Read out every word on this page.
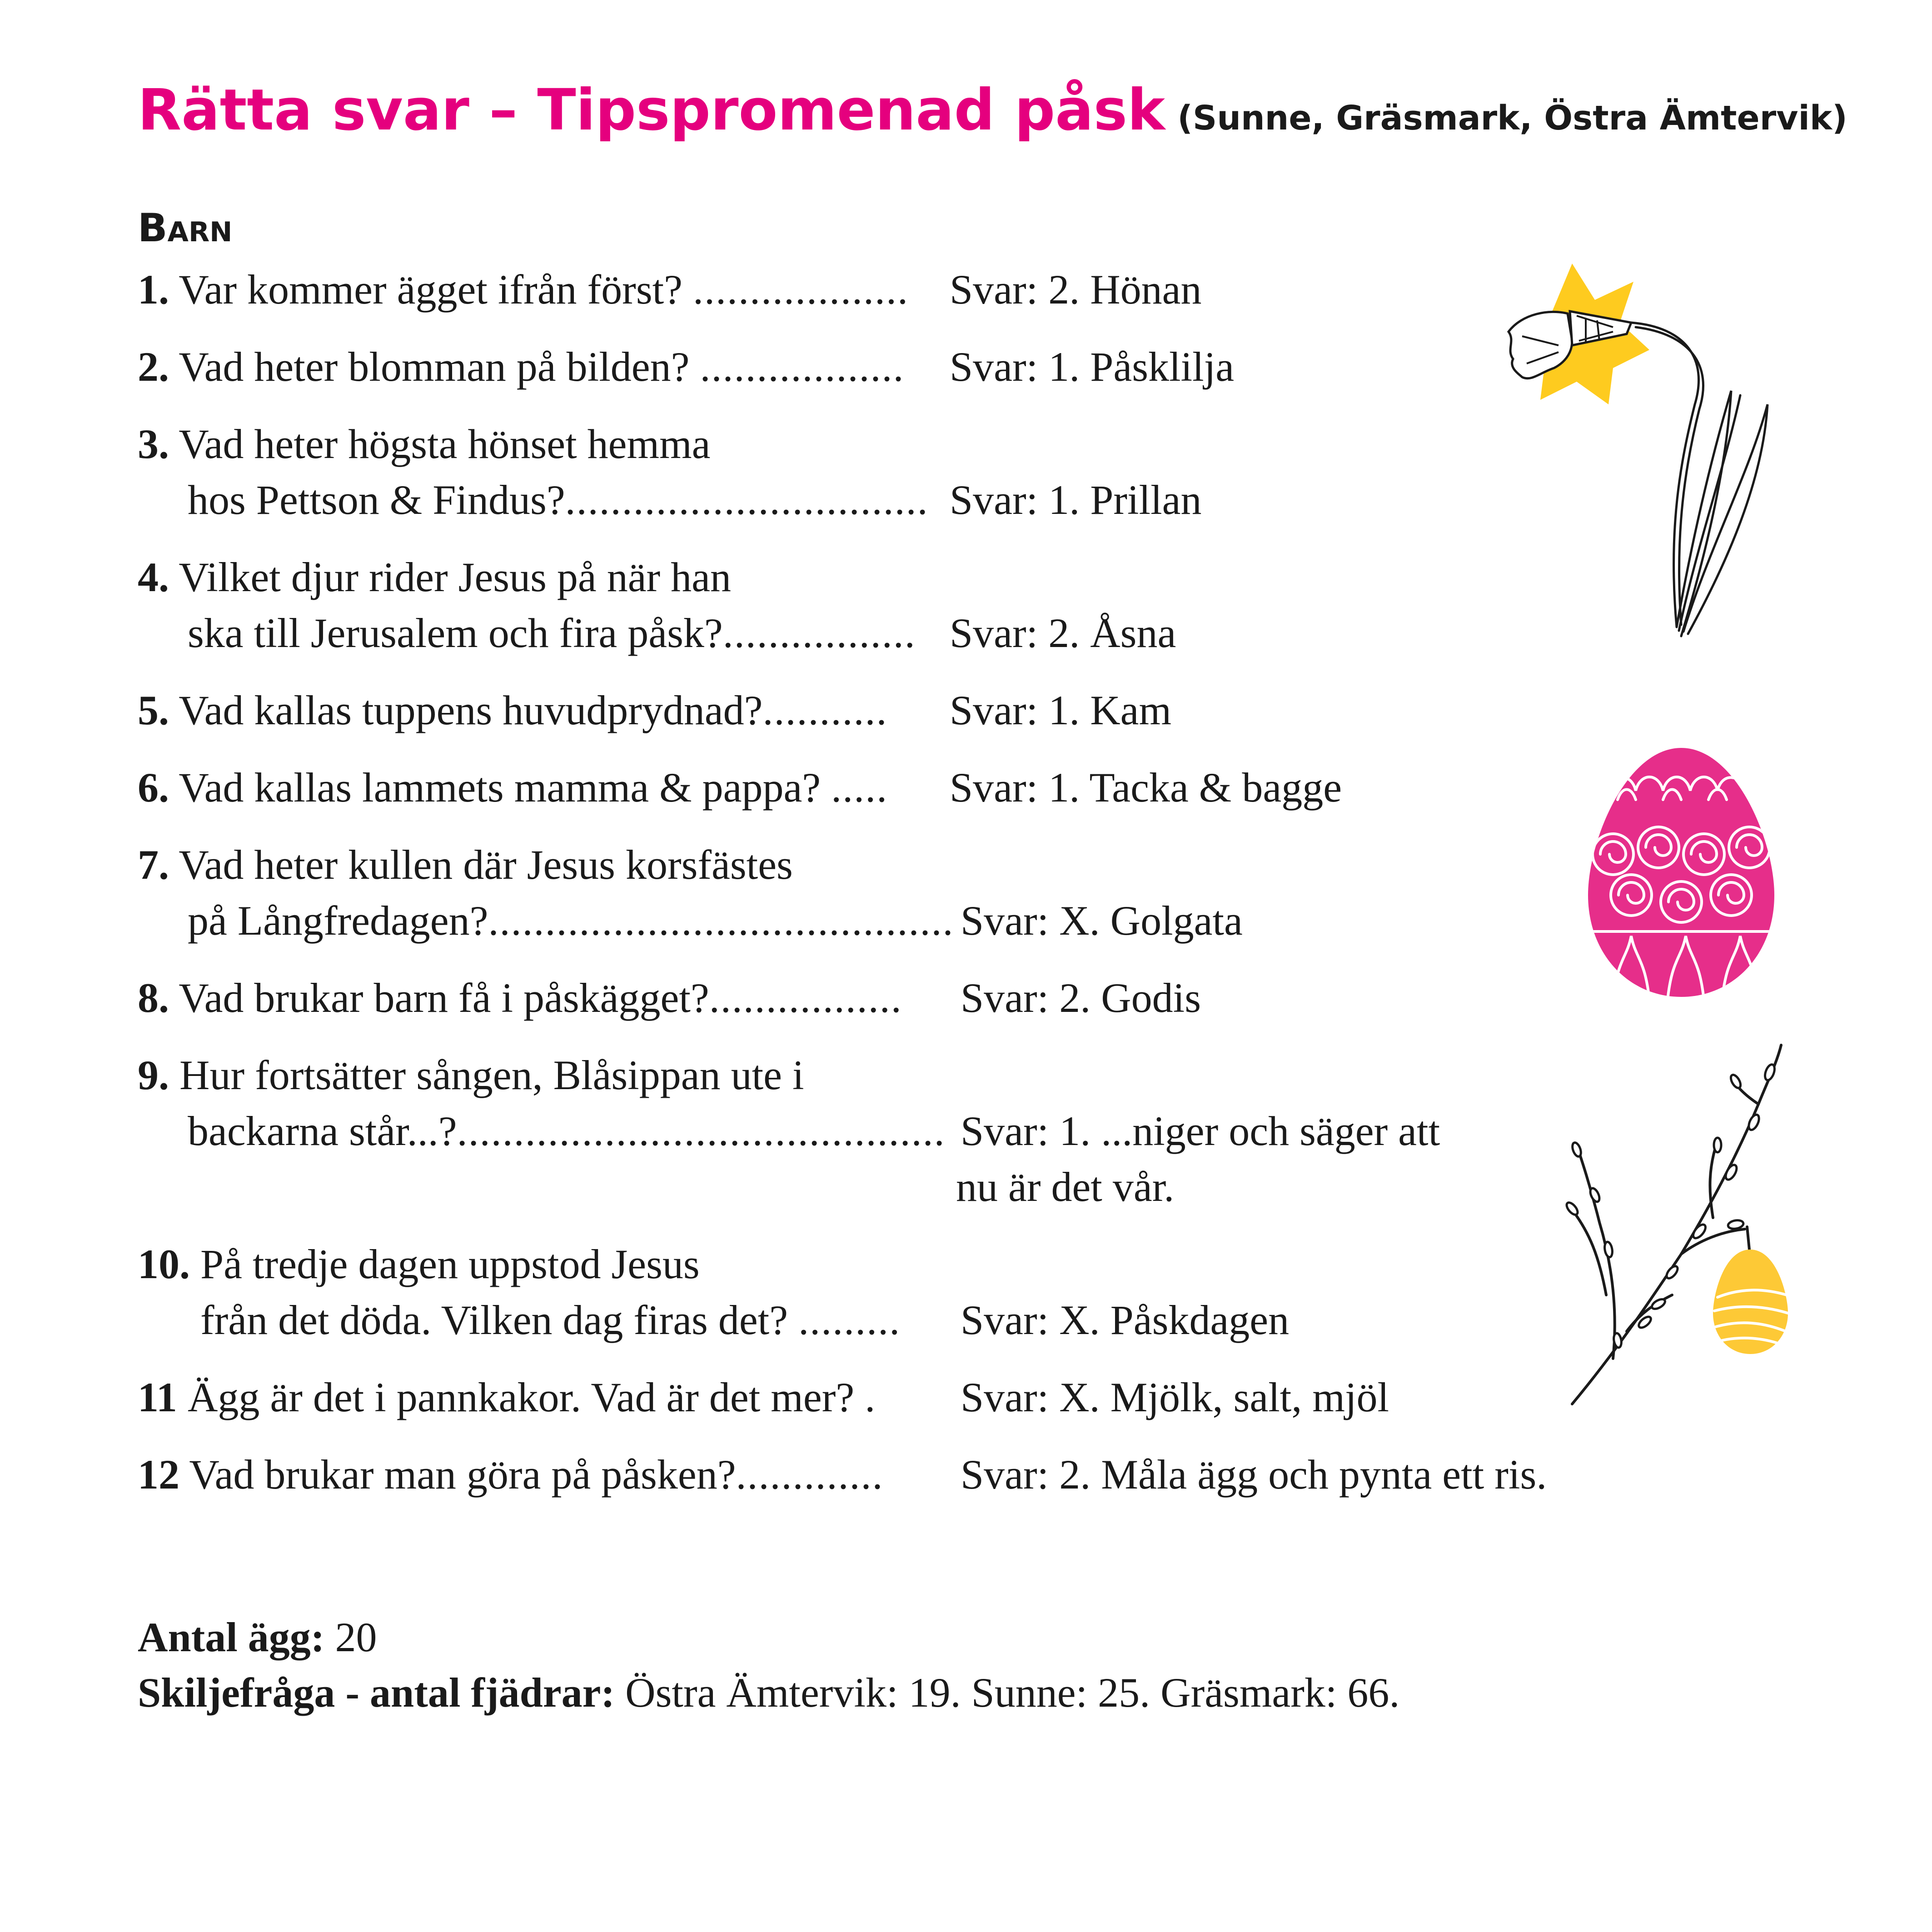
Rätta svar – Tipspromenad påsk (Sunne, Gräsmark, Östra Ämtervik)
Barn
1. Var kommer ägget ifrån först? ................... Svar: 2. Hönan
2. Vad heter blomman på bilden? .................. Svar: 1. Påsklilja
3. Vad heter högsta hönset hemma
hos Pettson & Findus?................................ Svar: 1. Prillan
4. Vilket djur rider Jesus på när han
ska till Jerusalem och fira påsk?................. Svar: 2. Åsna
5. Vad kallas tuppens huvudprydnad?........... Svar: 1. Kam
6. Vad kallas lammets mamma & pappa? ..... Svar: 1. Tacka & bagge
7. Vad heter kullen där Jesus korsfästes
på Långfredagen?......................................... Svar: X. Golgata
8. Vad brukar barn få i påskägget?................. Svar: 2. Godis
9. Hur fortsätter sången, Blåsippan ute i
backarna står...?........................................... Svar: 1. ...niger och säger att
nu är det vår.
10. På tredje dagen uppstod Jesus
från det döda. Vilken dag firas det? ......... Svar: X. Påskdagen
11 Ägg är det i pannkakor. Vad är det mer? . Svar: X. Mjölk, salt, mjöl
12 Vad brukar man göra på påsken?............. Svar: 2. Måla ägg och pynta ett ris.
Antal ägg: 20
Skiljefråga - antal fjädrar: Östra Ämtervik: 19. Sunne: 25. Gräsmark: 66.
